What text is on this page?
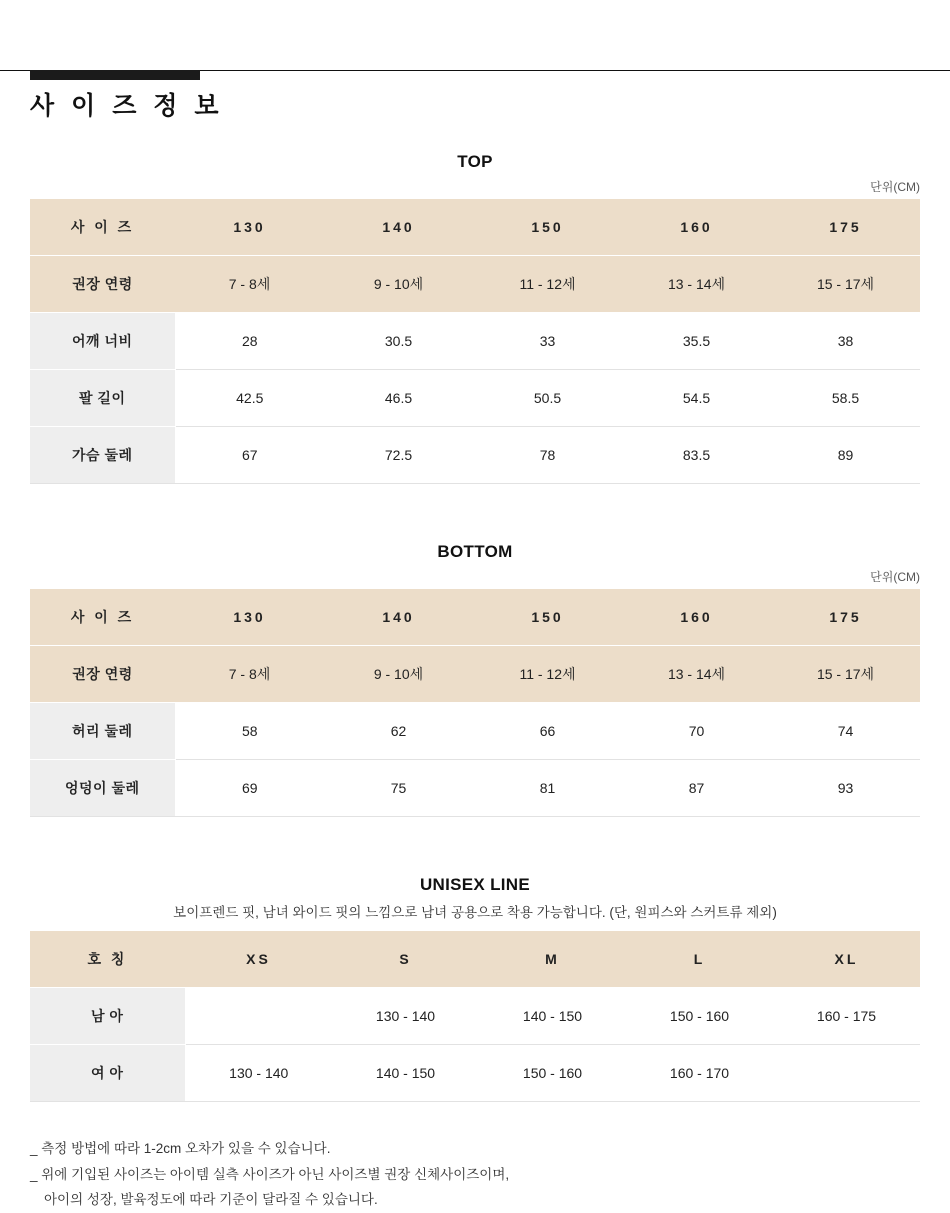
사 이 즈 정 보
TOP
단위(CM)
사 이 즈	130	140	150	160	175
권장 연령	7 - 8세	9 - 10세	11 - 12세	13 - 14세	15 - 17세
어깨 너비	28	30.5	33	35.5	38
팔 길이	42.5	46.5	50.5	54.5	58.5
가슴 둘레	67	72.5	78	83.5	89
BOTTOM
단위(CM)
사 이 즈	130	140	150	160	175
권장 연령	7 - 8세	9 - 10세	11 - 12세	13 - 14세	15 - 17세
허리 둘레	58	62	66	70	74
엉덩이 둘레	69	75	81	87	93
UNISEX LINE
보이프렌드 핏, 남녀 와이드 핏의 느낌으로 남녀 공용으로 착용 가능합니다. (단, 원피스와 스커트류 제외)
호 칭	XS	S	M	L	XL
남 아		130 - 140	140 - 150	150 - 160	160 - 175
여 아	130 - 140	140 - 150	150 - 160	160 - 170	
_ 측정 방법에 따라 1-2cm 오차가 있을 수 있습니다.
_ 위에 기입된 사이즈는 아이템 실측 사이즈가 아닌 사이즈별 권장 신체사이즈이며,
아이의 성장, 발육정도에 따라 기준이 달라질 수 있습니다.
